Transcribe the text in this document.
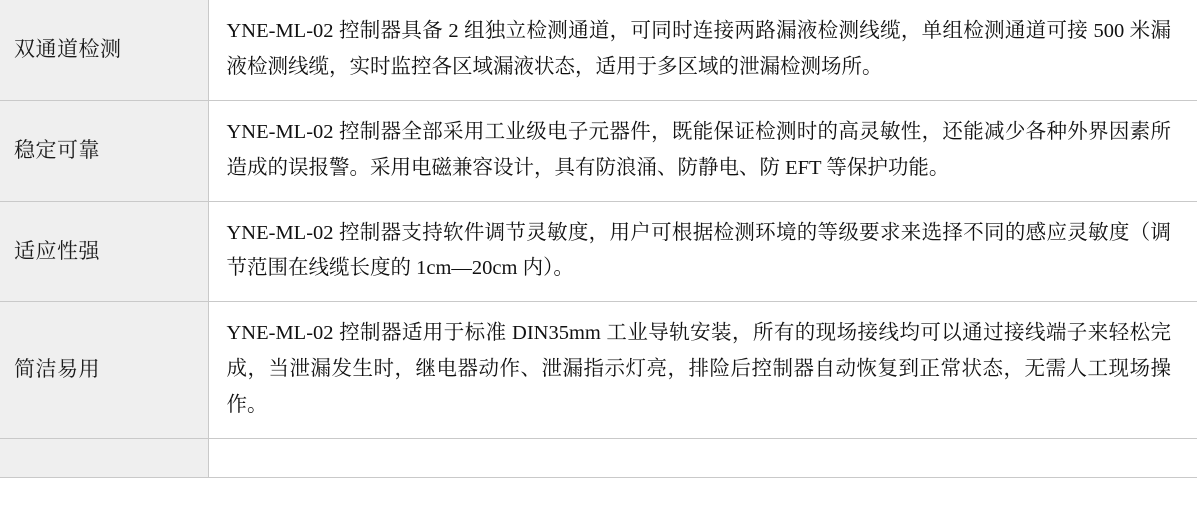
双通道检测	YNE-ML-02 控制器具备 2 组独立检测通道，可同时连接两路漏液检测线缆，单组检测通道可接 500 米漏液检测线缆，实时监控各区域漏液状态，适用于多区域的泄漏检测场所。
稳定可靠	YNE-ML-02 控制器全部采用工业级电子元器件，既能保证检测时的高灵敏性，还能减少各种外界因素所造成的误报警。采用电磁兼容设计，具有防浪涌、防静电、防 EFT 等保护功能。
适应性强	YNE-ML-02 控制器支持软件调节灵敏度，用户可根据检测环境的等级要求来选择不同的感应灵敏度（调节范围在线缆长度的 1cm—20cm 内）。
简洁易用	YNE-ML-02 控制器适用于标准 DIN35mm 工业导轨安装，所有的现场接线均可以通过接线端子来轻松完成，当泄漏发生时，继电器动作、泄漏指示灯亮，排险后控制器自动恢复到正常状态，无需人工现场操作。
